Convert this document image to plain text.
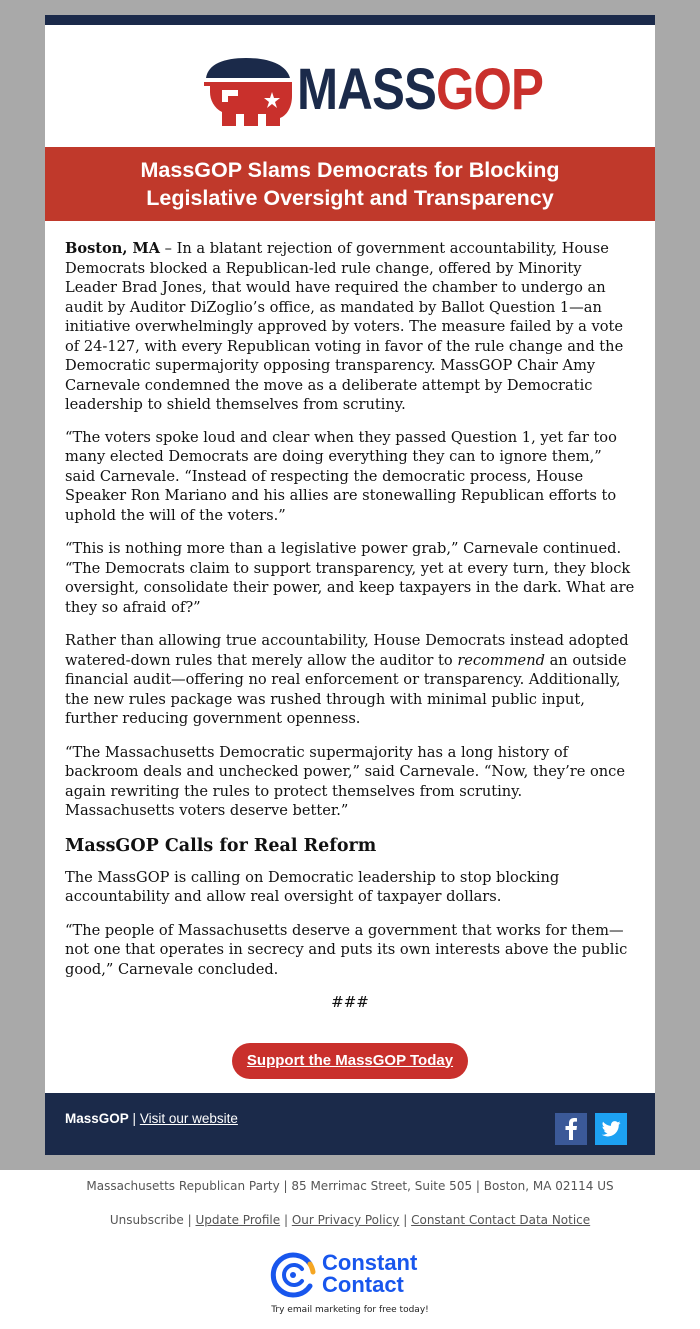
MASSGOP
MassGOP Slams Democrats for Blocking Legislative Oversight and Transparency

Boston, MA – In a blatant rejection of government accountability, House Democrats blocked a Republican-led rule change, offered by Minority Leader Brad Jones, that would have required the chamber to undergo an audit by Auditor DiZoglio’s office, as mandated by Ballot Question 1—an initiative overwhelmingly approved by voters. The measure failed by a vote of 24-127, with every Republican voting in favor of the rule change and the Democratic supermajority opposing transparency. MassGOP Chair Amy Carnevale condemned the move as a deliberate attempt by Democratic leadership to shield themselves from scrutiny.

“The voters spoke loud and clear when they passed Question 1, yet far too many elected Democrats are doing everything they can to ignore them,” said Carnevale. “Instead of respecting the democratic process, House Speaker Ron Mariano and his allies are stonewalling Republican efforts to uphold the will of the voters.”

“This is nothing more than a legislative power grab,” Carnevale continued. “The Democrats claim to support transparency, yet at every turn, they block oversight, consolidate their power, and keep taxpayers in the dark. What are they so afraid of?”

Rather than allowing true accountability, House Democrats instead adopted watered-down rules that merely allow the auditor to recommend an outside financial audit—offering no real enforcement or transparency. Additionally, the new rules package was rushed through with minimal public input, further reducing government openness.

“The Massachusetts Democratic supermajority has a long history of backroom deals and unchecked power,” said Carnevale. “Now, they’re once again rewriting the rules to protect themselves from scrutiny. Massachusetts voters deserve better.”

MassGOP Calls for Real Reform

The MassGOP is calling on Democratic leadership to stop blocking accountability and allow real oversight of taxpayer dollars.

“The people of Massachusetts deserve a government that works for them—not one that operates in secrecy and puts its own interests above the public good,” Carnevale concluded.

###
Support the MassGOP Today
MassGOP | Visit our website
Massachusetts Republican Party | 85 Merrimac Street, Suite 505 | Boston, MA 02114 US
Unsubscribe | Update Profile | Our Privacy Policy | Constant Contact Data Notice
Constant
Contact
Try email marketing for free today!
